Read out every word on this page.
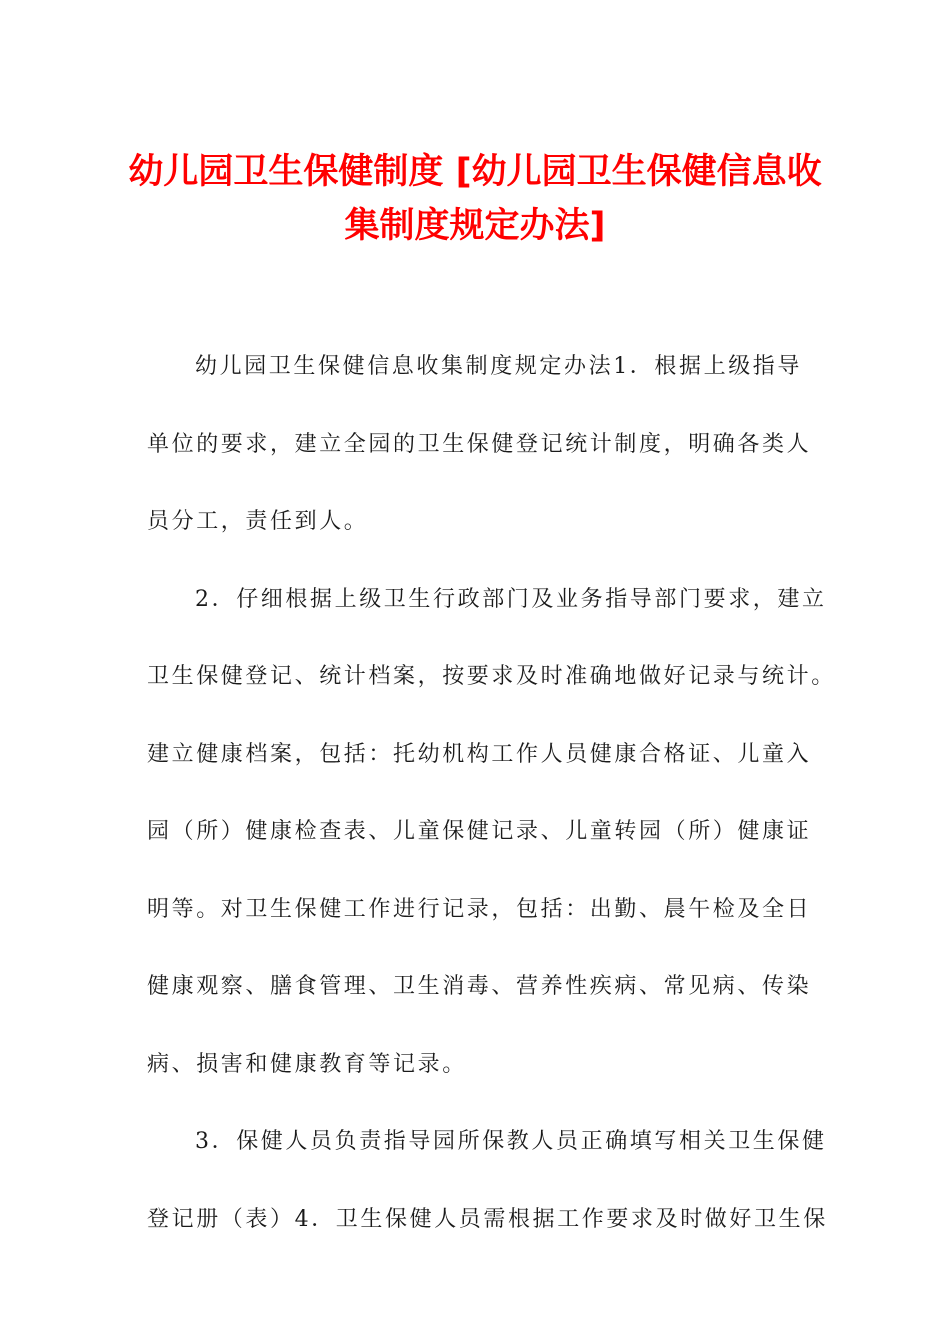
幼儿园卫生保健制度 [幼儿园卫生保健信息收
集制度规定办法]
幼儿园卫生保健信息收集制度规定办法1．根据上级指导
单位的要求，建立全园的卫生保健登记统计制度，明确各类人
员分工，责任到人。
2．仔细根据上级卫生行政部门及业务指导部门要求，建立
卫生保健登记、统计档案，按要求及时准确地做好记录与统计。
建立健康档案，包括：托幼机构工作人员健康合格证、儿童入
园（所）健康检查表、儿童保健记录、儿童转园（所）健康证
明等。对卫生保健工作进行记录，包括：出勤、晨午检及全日
健康观察、膳食管理、卫生消毒、营养性疾病、常见病、传染
病、损害和健康教育等记录。
3．保健人员负责指导园所保教人员正确填写相关卫生保健
登记册（表）4．卫生保健人员需根据工作要求及时做好卫生保
